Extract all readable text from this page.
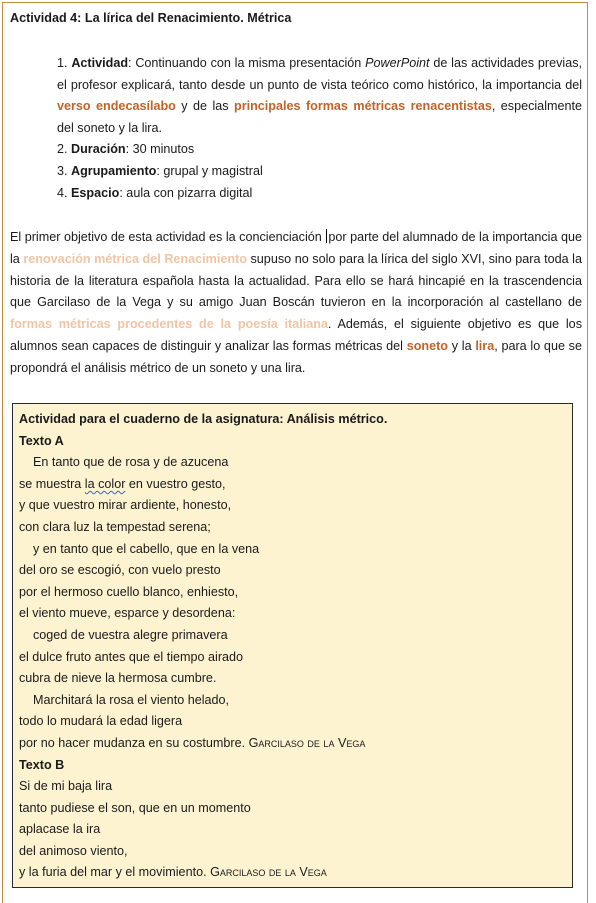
Actividad 4: La lírica del Renacimiento. Métrica
1. Actividad: Continuando con la misma presentación PowerPoint de las actividades previas, el profesor explicará, tanto desde un punto de vista teórico como histórico, la importancia del verso endecasílabo y de las principales formas métricas renacentistas, especialmente del soneto y la lira.
2. Duración: 30 minutos
3. Agrupamiento: grupal y magistral
4. Espacio: aula con pizarra digital
El primer objetivo de esta actividad es la concienciación por parte del alumnado de la importancia que la renovación métrica del Renacimiento supuso no solo para la lírica del siglo XVI, sino para toda la historia de la literatura española hasta la actualidad. Para ello se hará hincapié en la trascendencia que Garcilaso de la Vega y su amigo Juan Boscán tuvieron en la incorporación al castellano de formas métricas procedentes de la poesía italiana. Además, el siguiente objetivo es que los alumnos sean capaces de distinguir y analizar las formas métricas del soneto y la lira, para lo que se propondrá el análisis métrico de un soneto y una lira.
Actividad para el cuaderno de la asignatura: Análisis métrico.
Texto A
En tanto que de rosa y de azucena
se muestra la color en vuestro gesto,
y que vuestro mirar ardiente, honesto,
con clara luz la tempestad serena;
y en tanto que el cabello, que en la vena
del oro se escogió, con vuelo presto
por el hermoso cuello blanco, enhiesto,
el viento mueve, esparce y desordena:
coged de vuestra alegre primavera
el dulce fruto antes que el tiempo airado
cubra de nieve la hermosa cumbre.
Marchitará la rosa el viento helado,
todo lo mudará la edad ligera
por no hacer mudanza en su costumbre. Garcilaso de la Vega
Texto B
Si de mi baja lira
tanto pudiese el son, que en un momento
aplacase la ira
del animoso viento,
y la furia del mar y el movimiento. Garcilaso de la Vega
